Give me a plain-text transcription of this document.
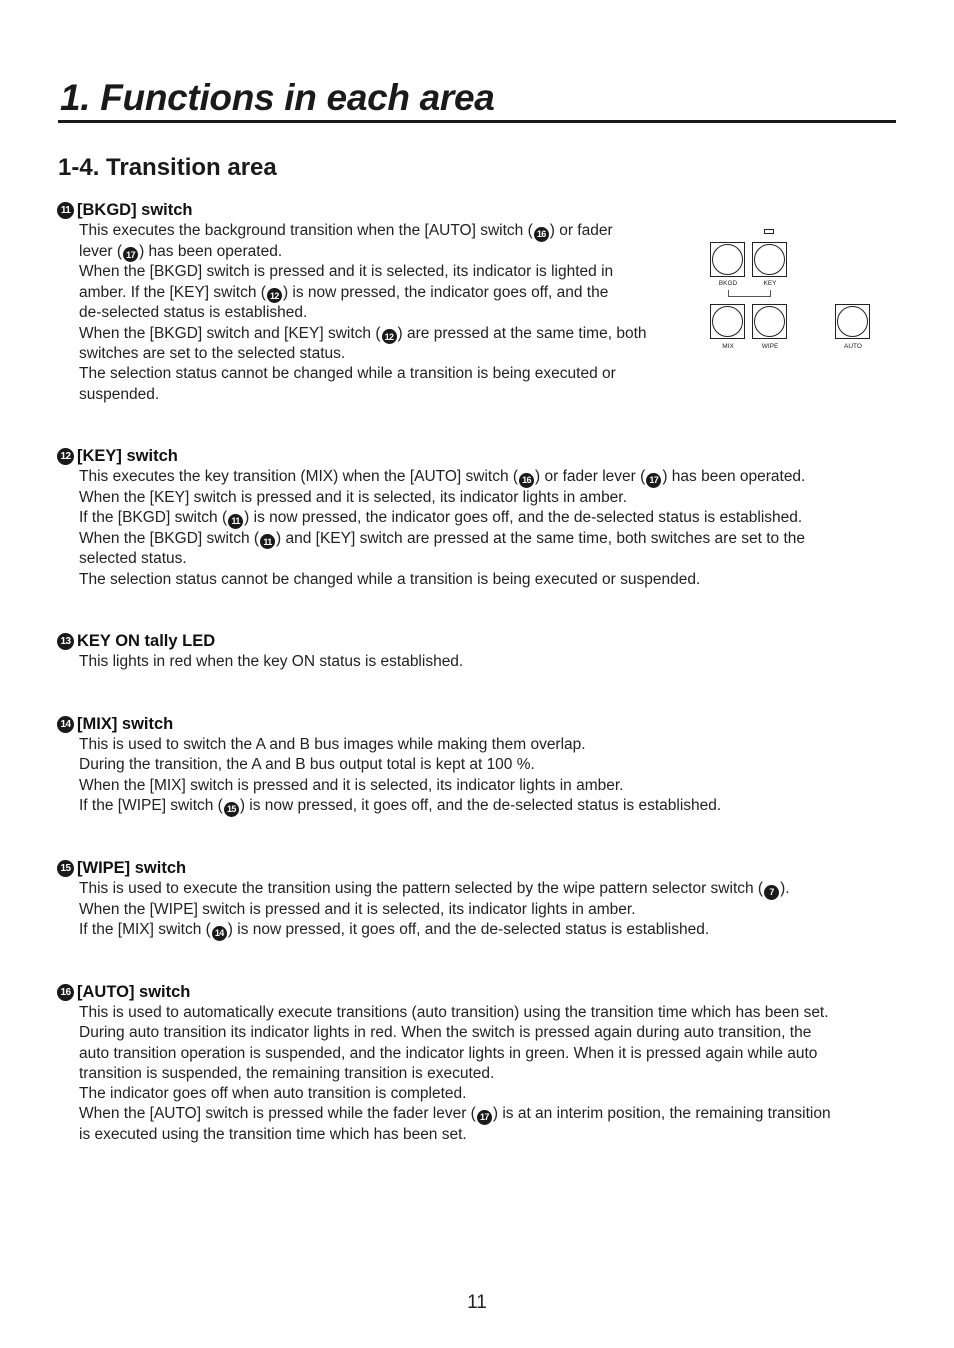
1. Functions in each area
1-4. Transition area
11 [BKGD] switch

This executes the background transition when the [AUTO] switch ( 16 ) or fader

lever ( 17 ) has been operated.

When the [BKGD] switch is pressed and it is selected, its indicator is lighted in

amber. If the [KEY] switch ( 12 ) is now pressed, the indicator goes off, and the

de-selected status is established.

When the [BKGD] switch and [KEY] switch ( 12 ) are pressed at the same time, both

switches are set to the selected status.

The selection status cannot be changed while a transition is being executed or

suspended.

12 [KEY] switch

This executes the key transition (MIX) when the [AUTO] switch ( 16 ) or fader lever ( 17 ) has been operated.

When the [KEY] switch is pressed and it is selected, its indicator lights in amber.

If the [BKGD] switch ( 11 ) is now pressed, the indicator goes off, and the de-selected status is established.

When the [BKGD] switch ( 11 ) and [KEY] switch are pressed at the same time, both switches are set to the

selected status.

The selection status cannot be changed while a transition is being executed or suspended.

13 KEY ON tally LED

This lights in red when the key ON status is established.

14 [MIX] switch

This is used to switch the A and B bus images while making them overlap.

During the transition, the A and B bus output total is kept at 100 %.

When the [MIX] switch is pressed and it is selected, its indicator lights in amber.

If the [WIPE] switch ( 15 ) is now pressed, it goes off, and the de-selected status is established.

15 [WIPE] switch

This is used to execute the transition using the pattern selected by the wipe pattern selector switch ( 7 ).

When the [WIPE] switch is pressed and it is selected, its indicator lights in amber.

If the [MIX] switch ( 14 ) is now pressed, it goes off, and the de-selected status is established.

16 [AUTO] switch

This is used to automatically execute transitions (auto transition) using the transition time which has been set.

During auto transition its indicator lights in red. When the switch is pressed again during auto transition, the

auto transition operation is suspended, and the indicator lights in green. When it is pressed again while auto

transition is suspended, the remaining transition is executed.

The indicator goes off when auto transition is completed.

When the [AUTO] switch is pressed while the fader lever ( 17 ) is at an interim position, the remaining transition

is executed using the transition time which has been set.

BKGD	KEY
MIX	WIPE	AUTO
11
